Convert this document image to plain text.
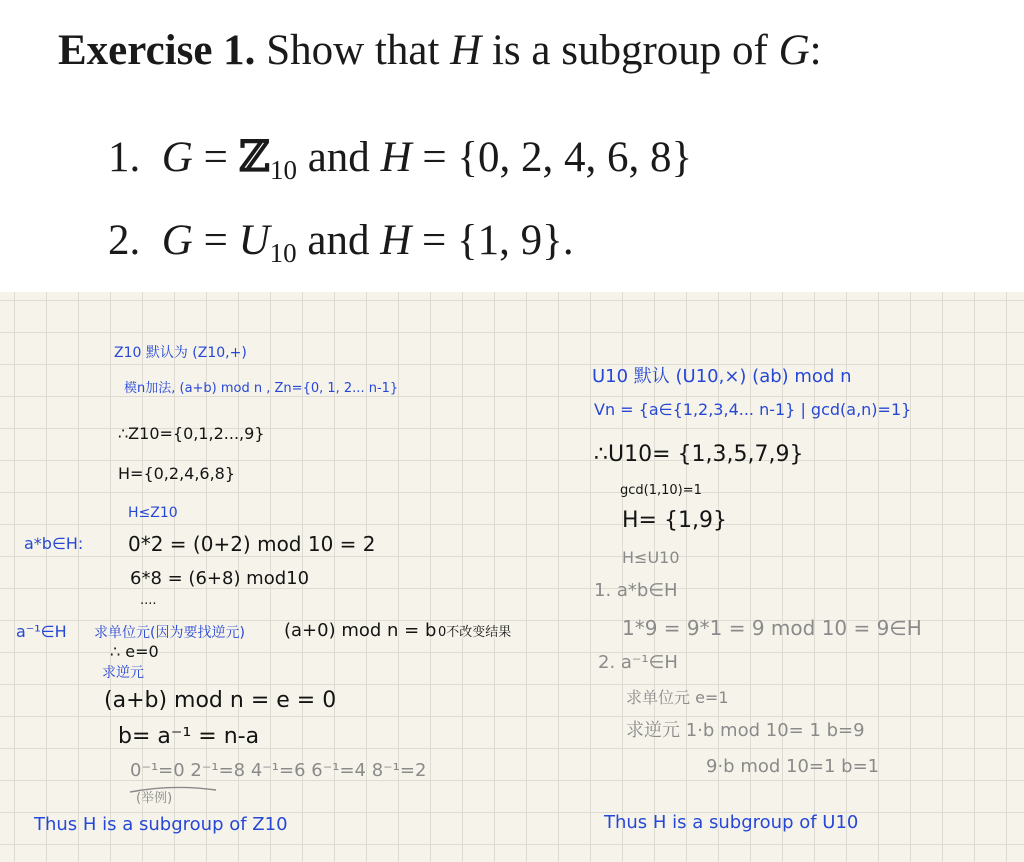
Exercise 1. Show that H is a subgroup of G:
1. G = ℤ$_{10}$ and H = {0, 2, 4, 6, 8}
2. $G = U_{10}$ and H = {1, 9}.
Z10 默认为 (Z10,+)
模n加法, (a+b) mod n , Zn={0, 1, 2... n-1}
∴Z10={0,1,2...,9}
H={0,2,4,6,8}
H≤Z10
a*b∈H: 0*2 = (0+2) mod 10 = 2
6*8 = (6+8) mod10
....
a⁻¹∈H 求单位元(因为要找逆元) (a+0) mod n = b 0不改变结果
∴ e=0
求逆元
(a+b) mod n = e = 0
b= a⁻¹ = n-a
0⁻¹=0 2⁻¹=8 4⁻¹=6 6⁻¹=4 8⁻¹=2
(举例)
Thus H is a subgroup of Z10
U10 默认 (U10,×) (ab) mod n
Vn = {a∈{1,2,3,4... n-1} | gcd(a,n)=1}
∴U10= {1,3,5,7,9}
gcd(1,10)=1
H= {1,9}
H≤U10
1. a*b∈H
1*9 = 9*1 = 9 mod 10 = 9∈H
2. a⁻¹∈H
求单位元 e=1
求逆元 1·b mod 10= 1 b=9
9·b mod 10=1 b=1
Thus H is a subgroup of U10
